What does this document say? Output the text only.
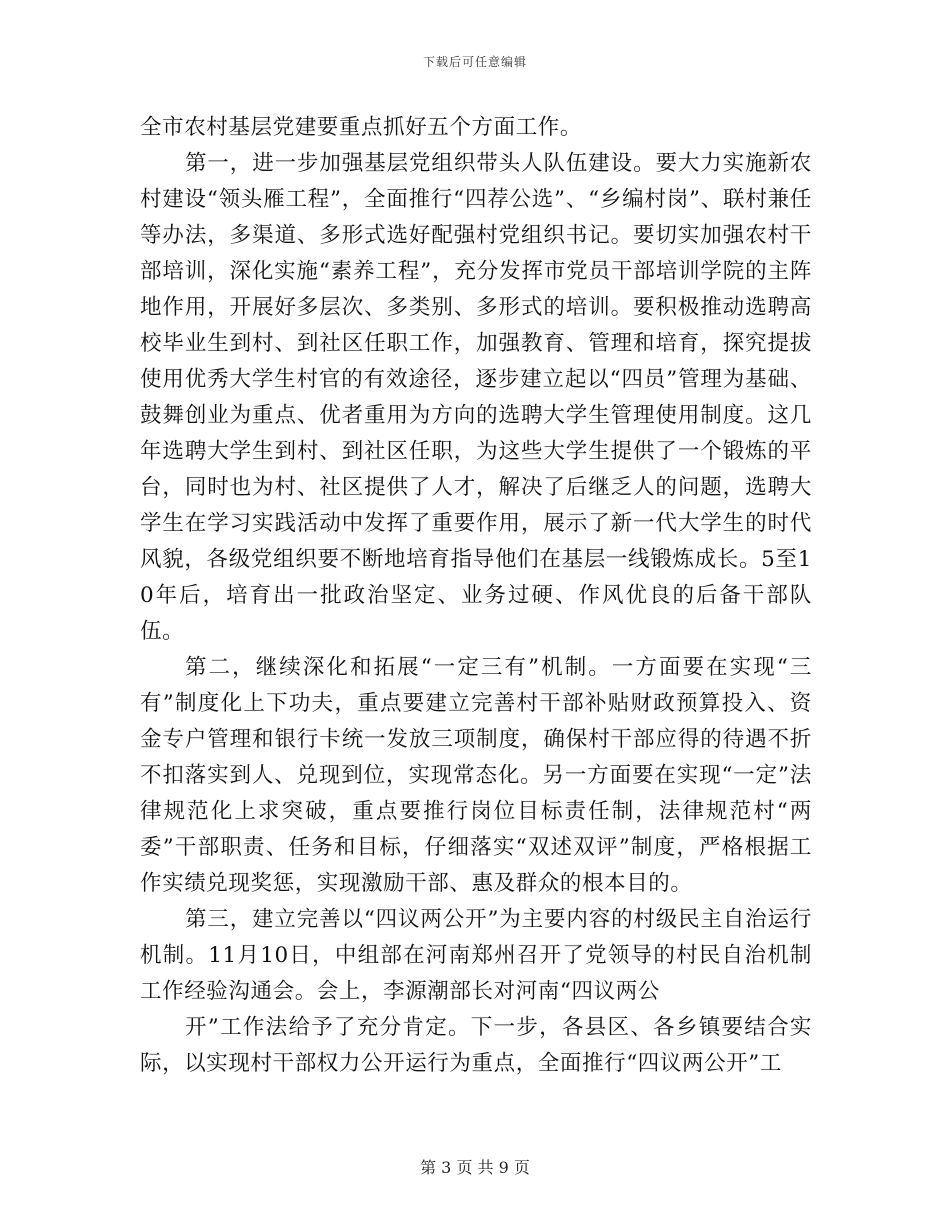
下载后可任意编辑

全市农村基层党建要重点抓好五个方面工作。

第一，进一步加强基层党组织带头人队伍建设。要大力实施新农村建设“领头雁工程”，全面推行“四荐公选”、“乡编村岗”、联村兼任等办法，多渠道、多形式选好配强村党组织书记。要切实加强农村干部培训，深化实施“素养工程”，充分发挥市党员干部培训学院的主阵地作用，开展好多层次、多类别、多形式的培训。要积极推动选聘高校毕业生到村、到社区任职工作，加强教育、管理和培育，探究提拔使用优秀大学生村官的有效途径，逐步建立起以“四员”管理为基础、鼓舞创业为重点、优者重用为方向的选聘大学生管理使用制度。这几年选聘大学生到村、到社区任职，为这些大学生提供了一个锻炼的平台，同时也为村、社区提供了人才，解决了后继乏人的问题，选聘大学生在学习实践活动中发挥了重要作用，展示了新一代大学生的时代风貌，各级党组织要不断地培育指导他们在基层一线锻炼成长。5至10年后，培育出一批政治坚定、业务过硬、作风优良的后备干部队伍。

第二，继续深化和拓展“一定三有”机制。一方面要在实现“三有”制度化上下功夫，重点要建立完善村干部补贴财政预算投入、资金专户管理和银行卡统一发放三项制度，确保村干部应得的待遇不折不扣落实到人、兑现到位，实现常态化。另一方面要在实现“一定”法律规范化上求突破，重点要推行岗位目标责任制，法律规范村“两委”干部职责、任务和目标，仔细落实“双述双评”制度，严格根据工作实绩兑现奖惩，实现激励干部、惠及群众的根本目的。

第三，建立完善以“四议两公开”为主要内容的村级民主自治运行机制。11月10日，中组部在河南郑州召开了党领导的村民自治机制工作经验沟通会。会上，李源潮部长对河南“四议两公

开”工作法给予了充分肯定。下一步，各县区、各乡镇要结合实际，以实现村干部权力公开运行为重点，全面推行“四议两公开”工

第 3 页 共 9 页
